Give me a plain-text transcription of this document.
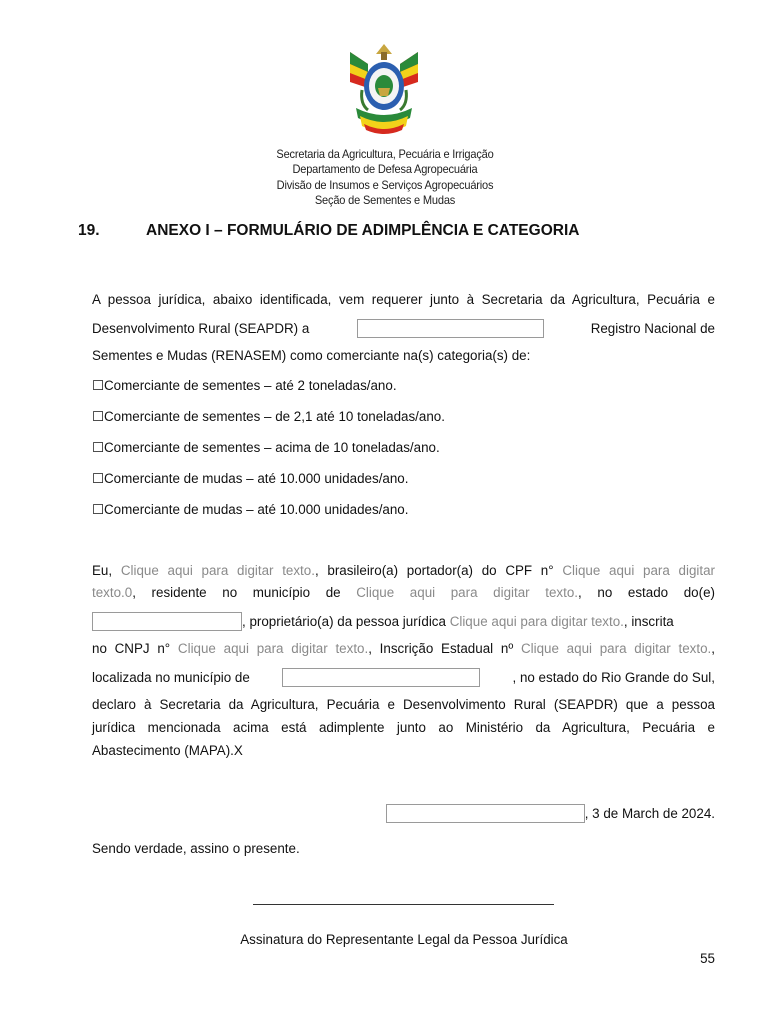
Secretaria da Agricultura, Pecuária e Irrigação
Departamento de Defesa Agropecuária
Divisão de Insumos e Serviços Agropecuários
Seção de Sementes e Mudas
19.	ANEXO I – FORMULÁRIO DE ADIMPLÊNCIA E CATEGORIA
A pessoa jurídica, abaixo identificada, vem requerer junto à Secretaria da Agricultura, Pecuária e
Desenvolvimento Rural (SEAPDR) a	Registro Nacional de
Sementes e Mudas (RENASEM) como comerciante na(s) categoria(s) de:
☐Comerciante de sementes – até 2 toneladas/ano.
☐Comerciante de sementes – de 2,1 até 10 toneladas/ano.
☐Comerciante de sementes – acima de 10 toneladas/ano.
☐Comerciante de mudas – até 10.000 unidades/ano.
☐Comerciante de mudas – até 10.000 unidades/ano.
Eu, Clique aqui para digitar texto., brasileiro(a) portador(a) do CPF n° Clique aqui para digitar
texto.0, residente no município de Clique aqui para digitar texto., no estado do(e)
, proprietário(a) da pessoa jurídica
Clique aqui para digitar texto. , inscrita
no CNPJ n° Clique aqui para digitar texto., Inscrição Estadual nº Clique aqui para digitar texto.,
localizada no município de	, no estado do Rio Grande do Sul,
declaro à Secretaria da Agricultura, Pecuária e Desenvolvimento Rural (SEAPDR) que a pessoa
jurídica mencionada acima está adimplente junto ao Ministério da Agricultura, Pecuária e
Abastecimento (MAPA).X
, 3 de March de 2024.
Sendo verdade, assino o presente.
Assinatura do Representante Legal da Pessoa Jurídica
55
